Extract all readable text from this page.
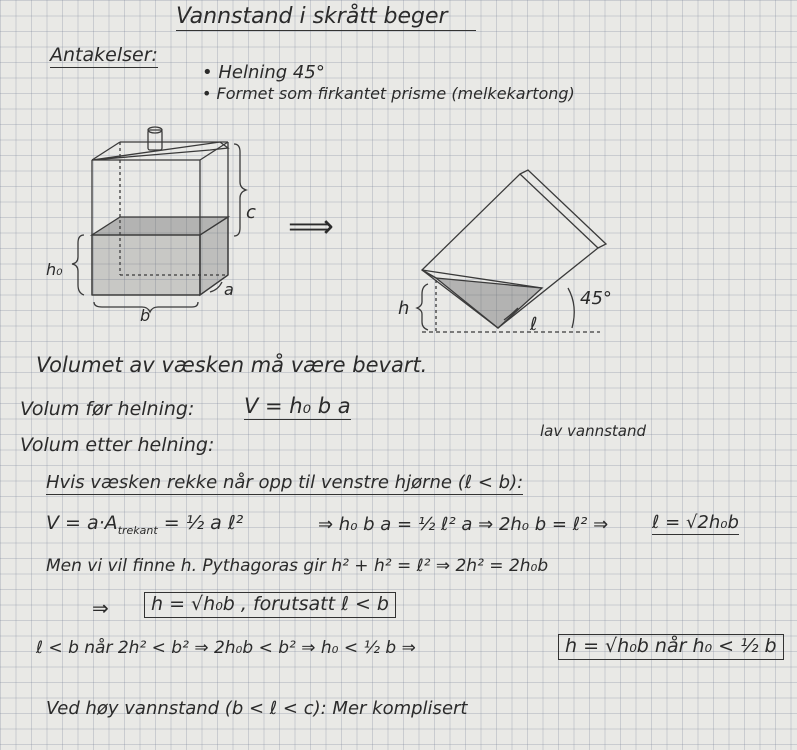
Vannstand i skrått beger
Antakelser:
• Helning 45°
• Formet som firkantet prisme (melkekartong)
c
h₀
a
b
⟹
h
ℓ
45°
Volumet av væsken må være bevart.
Volum før helning: V = h₀ b a
Volum etter helning:
lav vannstand
Hvis væsken rekke når opp til venstre hjørne (ℓ < b):
$V = a\cdot A_{trekant}$ = ½ a ℓ²	⇒ h₀ b a = ½ ℓ² a ⇒ 2h₀ b = ℓ² ⇒ ℓ = √2h₀b
Men vi vil finne h. Pythagoras gir h² + h² = ℓ² ⇒ 2h² = 2h₀b
⇒	h = √h₀b , forutsatt ℓ < b
ℓ < b når 2h² < b² ⇒ 2h₀b < b² ⇒ h₀ < ½ b ⇒	h = √h₀b når h₀ < ½ b
Ved høy vannstand (b < ℓ < c): Mer komplisert
